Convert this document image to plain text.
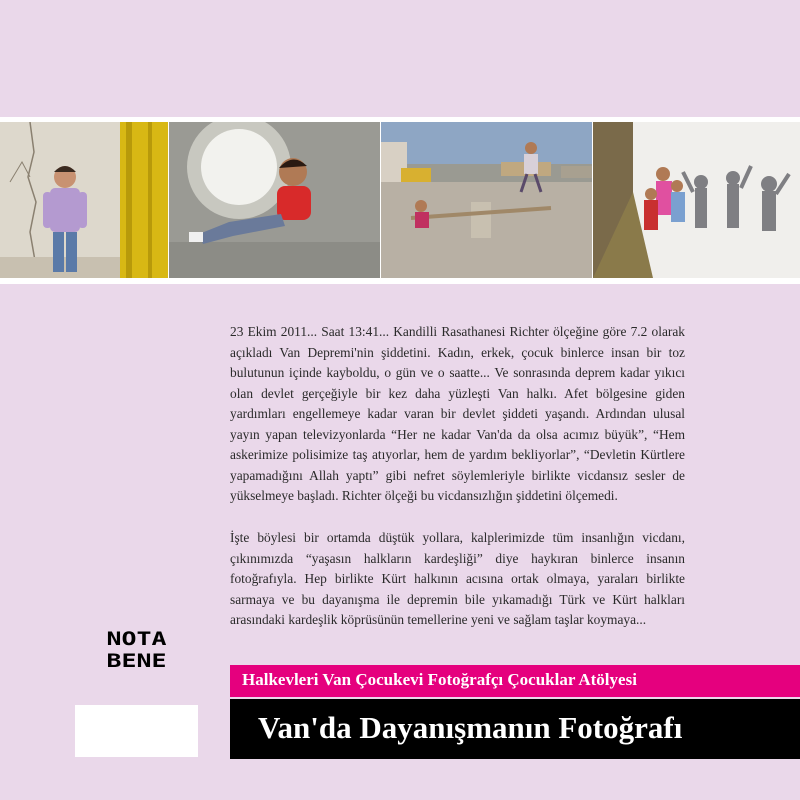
23 Ekim 2011... Saat 13:41... Kandilli Rasathanesi Richter ölçeğine göre 7.2 olarak açıkladı Van Depremi'nin şiddetini. Kadın, erkek, çocuk binlerce insan bir toz bulutunun içinde kayboldu, o gün ve o saatte... Ve sonrasında deprem kadar yıkıcı olan devlet gerçeğiyle bir kez daha yüzleşti Van halkı. Afet bölgesine giden yardımları engellemeye kadar varan bir devlet şiddeti yaşandı. Ardından ulusal yayın yapan televizyonlarda “Her ne kadar Van'da da olsa acımız büyük”, “Hem askerimize polisimize taş atıyorlar, hem de yardım bekliyorlar”, “Devletin Kürtlere yapamadığını Allah yaptı” gibi nefret söylemleriyle birlikte vicdansız sesler de yükselmeye başladı. Richter ölçeği bu vicdansızlığın şiddetini ölçemedi.
İşte böylesi bir ortamda düştük yollara, kalplerimizde tüm insanlığın vicdanı, çıkınımızda “yaşasın halkların kardeşliği” diye haykıran binlerce insanın fotoğrafıyla. Hep birlikte Kürt halkının acısına ortak olmaya, yaraları birlikte sarmaya ve bu dayanışma ile depremin bile yıkamadığı Türk ve Kürt halkları arasındaki kardeşlik köprüsünün temellerine yeni ve sağlam taşlar koymaya...
NOTA
BENE
Halkevleri Van Çocukevi Fotoğrafçı Çocuklar Atölyesi
Van'da Dayanışmanın Fotoğrafı
